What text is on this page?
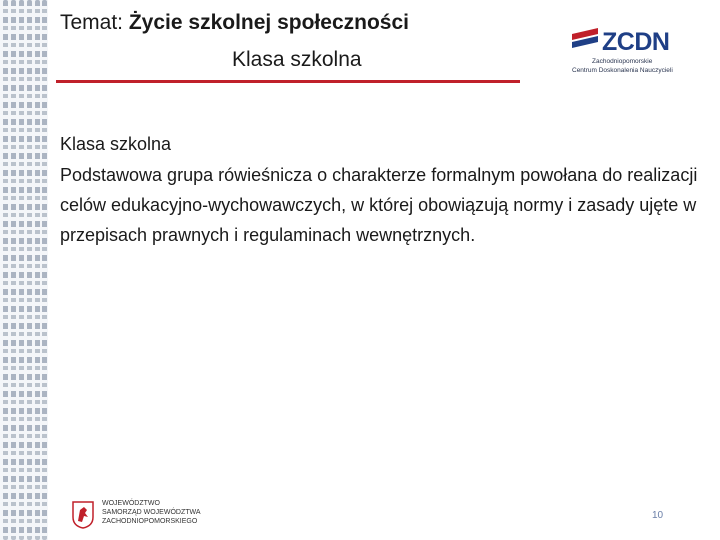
Temat: Życie szkolnej społeczności
Klasa szkolna
ZCDN
Zachodniopomorskie
Centrum Doskonalenia Nauczycieli

Klasa szkolna

Podstawowa grupa rówieśnicza o charakterze formalnym powołana do realizacji celów edukacyjno-wychowawczych, w której obowiązują normy i zasady ujęte w przepisach prawnych i regulaminach wewnętrznych.

WOJEWÓDZTWO
SAMORZĄD WOJEWÓDZTWA
ZACHODNIOPOMORSKIEGO
10
